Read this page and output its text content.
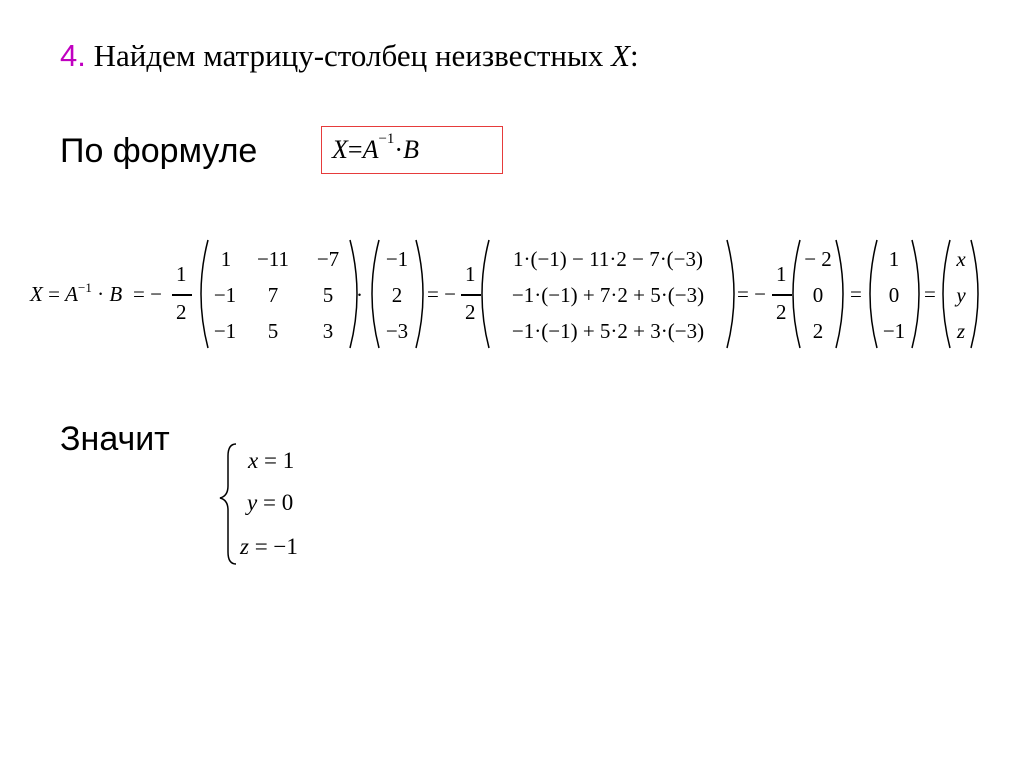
4. Найдем матрицу-столбец неизвестных X:
По формуле	X = A −1 · B
$X = A^{-1} \cdot B$ = −
1
2
1	−11	−7
−1	7	5
−1	5	3
·
−1
2
−3
= −
1
2
1·(−1) − 11·2 − 7·(−3)
−1·(−1) + 7·2 + 5·(−3)
−1·(−1) + 5·2 + 3·(−3)
= −
1
2
− 2
0
2
=
1
0
−1
=
x
y
z
Значит
x = 1
y = 0
z = −1
